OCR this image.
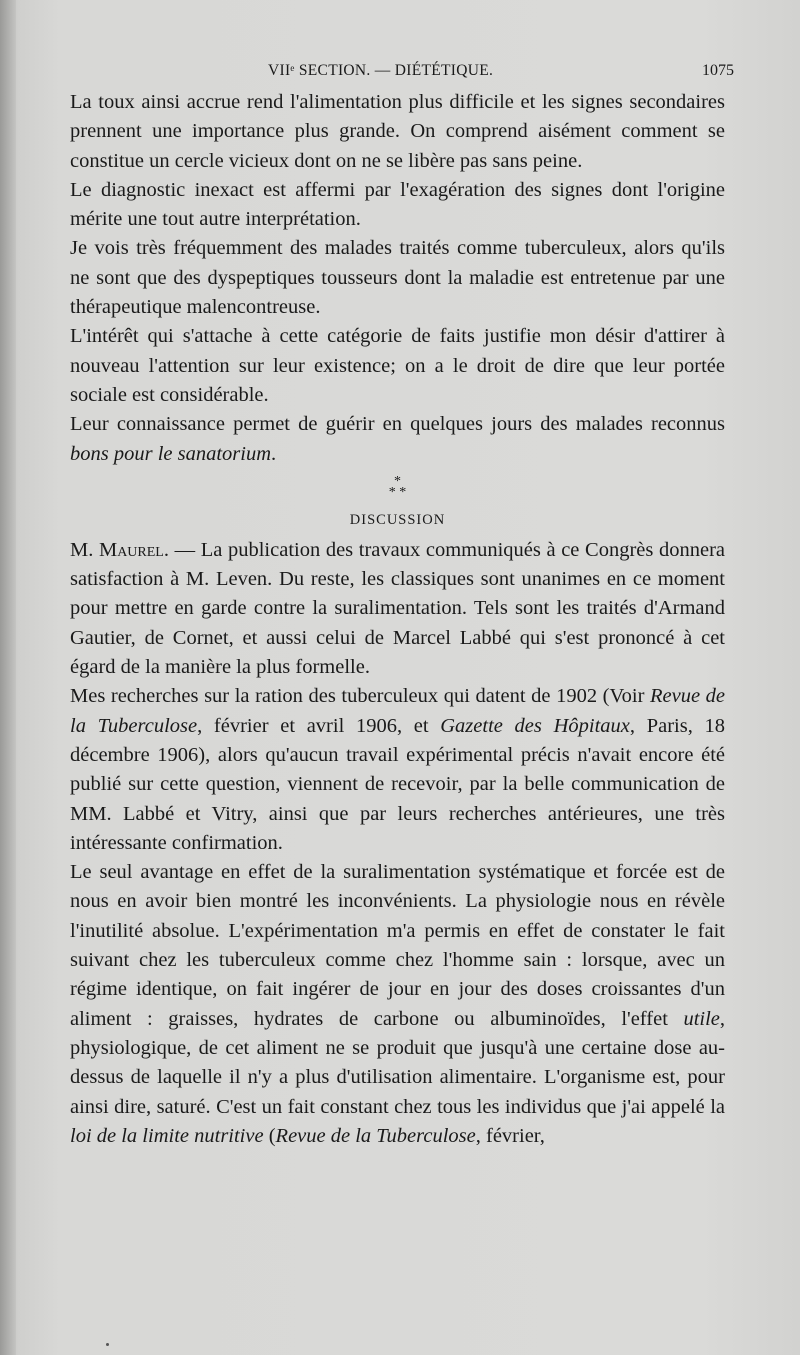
VIIᵉ SECTION. — DIÉTÉTIQUE.	1075

La toux ainsi accrue rend l'alimentation plus difficile et les signes secondaires prennent une importance plus grande. On comprend aisément comment se constitue un cercle vicieux dont on ne se libère pas sans peine.

Le diagnostic inexact est affermi par l'exagération des signes dont l'origine mérite une tout autre interprétation.

Je vois très fréquemment des malades traités comme tuberculeux, alors qu'ils ne sont que des dyspeptiques tousseurs dont la maladie est entretenue par une thérapeutique malencontreuse.

L'intérêt qui s'attache à cette catégorie de faits justifie mon désir d'attirer à nouveau l'attention sur leur existence; on a le droit de dire que leur portée sociale est considérable.

Leur connaissance permet de guérir en quelques jours des malades reconnus bons pour le sanatorium.

*
* *
DISCUSSION

M. Maurel. — La publication des travaux communiqués à ce Congrès donnera satisfaction à M. Leven. Du reste, les classiques sont unanimes en ce moment pour mettre en garde contre la suralimentation. Tels sont les traités d'Armand Gautier, de Cornet, et aussi celui de Marcel Labbé qui s'est prononcé à cet égard de la manière la plus formelle.

Mes recherches sur la ration des tuberculeux qui datent de 1902 (Voir Revue de la Tuberculose, février et avril 1906, et Gazette des Hôpitaux, Paris, 18 décembre 1906), alors qu'aucun travail expérimental précis n'avait encore été publié sur cette question, viennent de recevoir, par la belle communication de MM. Labbé et Vitry, ainsi que par leurs recherches antérieures, une très intéressante confirmation.

Le seul avantage en effet de la suralimentation systématique et forcée est de nous en avoir bien montré les inconvénients. La physiologie nous en révèle l'inutilité absolue. L'expérimentation m'a permis en effet de constater le fait suivant chez les tuberculeux comme chez l'homme sain : lorsque, avec un régime identique, on fait ingérer de jour en jour des doses croissantes d'un aliment : graisses, hydrates de carbone ou albuminoïdes, l'effet utile, physiologique, de cet aliment ne se produit que jusqu'à une certaine dose au-dessus de laquelle il n'y a plus d'utilisation alimentaire. L'organisme est, pour ainsi dire, saturé. C'est un fait constant chez tous les individus que j'ai appelé la loi de la limite nutritive (Revue de la Tuberculose, février,
